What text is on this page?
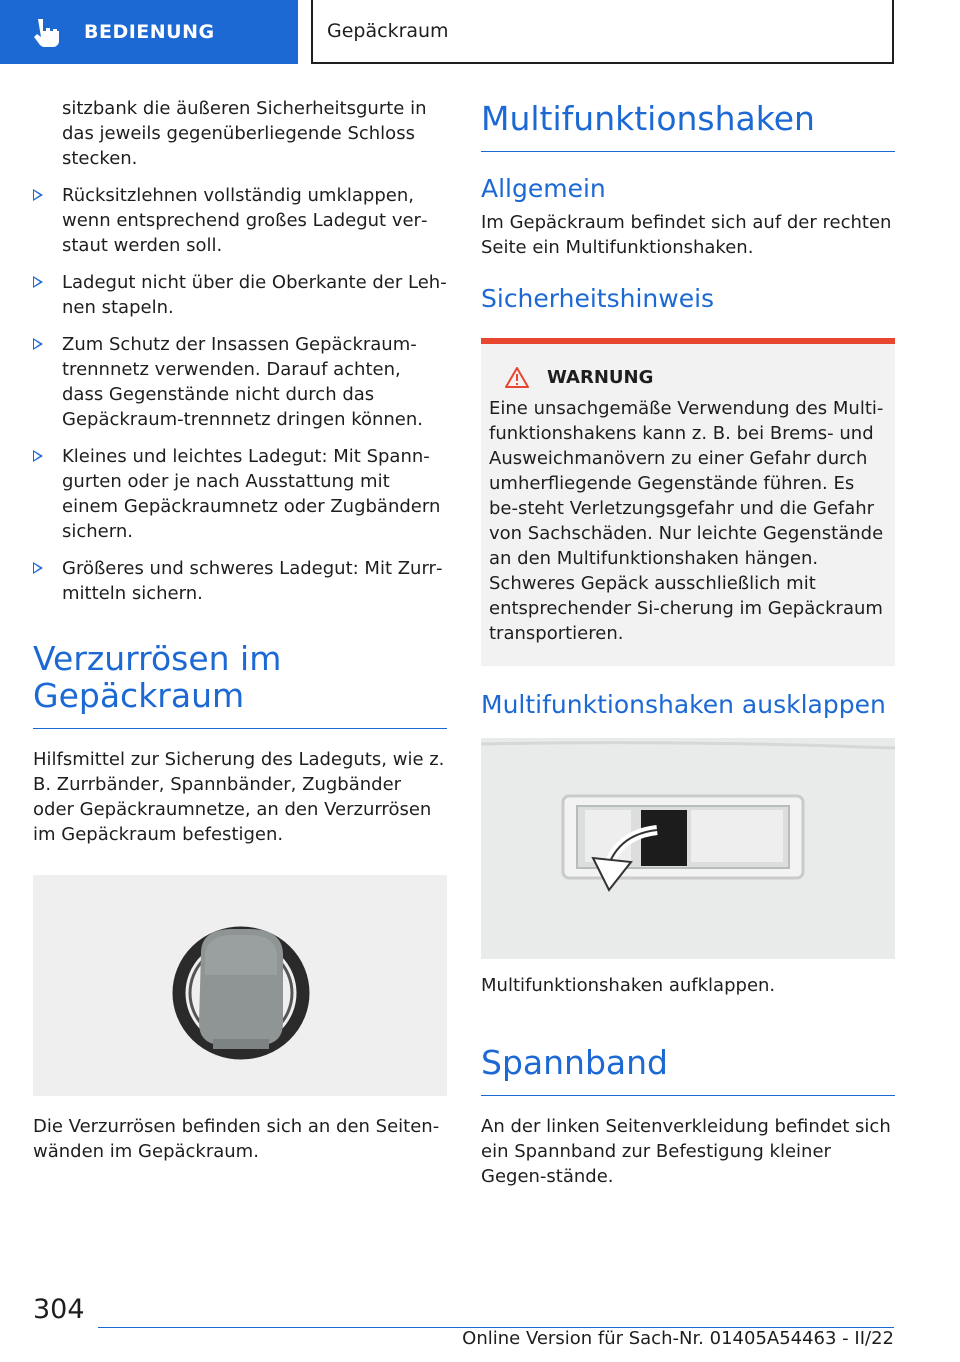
BEDIENUNG	Gepäckraum

sitzbank die äußeren Sicherheitsgurte in das jeweils gegenüberliegende Schloss stecken.

Rücksitzlehnen vollständig umklappen, wenn entsprechend großes Ladegut ver‐staut werden soll.
Ladegut nicht über die Oberkante der Leh‐nen stapeln.
Zum Schutz der Insassen Gepäckraum‐trennnetz verwenden. Darauf achten, dass Gegenstände nicht durch das Gepäckraum‐trennnetz dringen können.
Kleines und leichtes Ladegut: Mit Spann‐gurten oder je nach Ausstattung mit einem Gepäckraumnetz oder Zugbändern sichern.
Größeres und schweres Ladegut: Mit Zurr‐mitteln sichern.
Verzurrösen im Gepäckraum

Hilfsmittel zur Sicherung des Ladeguts, wie z. B. Zurrbänder, Spannbänder, Zugbänder oder Gepäckraumnetze, an den Verzurrösen im Gepäckraum befestigen.

Die Verzurrösen befinden sich an den Seiten‐wänden im Gepäckraum.

Multifunktionshaken
Allgemein

Im Gepäckraum befindet sich auf der rechten Seite ein Multifunktionshaken.

Sicherheitshinweis
WARNUNG

Eine unsachgemäße Verwendung des Multi‐funktionshakens kann z. B. bei Brems- und Ausweichmanövern zu einer Gefahr durch umherfliegende Gegenstände führen. Es be‐steht Verletzungsgefahr und die Gefahr von Sachschäden. Nur leichte Gegenstände an den Multifunktionshaken hängen. Schweres Gepäck ausschließlich mit entsprechender Si‐cherung im Gepäckraum transportieren.

Multifunktionshaken ausklappen

Multifunktionshaken aufklappen.

Spannband

An der linken Seitenverkleidung befindet sich ein Spannband zur Befestigung kleiner Gegen‐stände.

304
Online Version für Sach-Nr. 01405A54463 - II/22
